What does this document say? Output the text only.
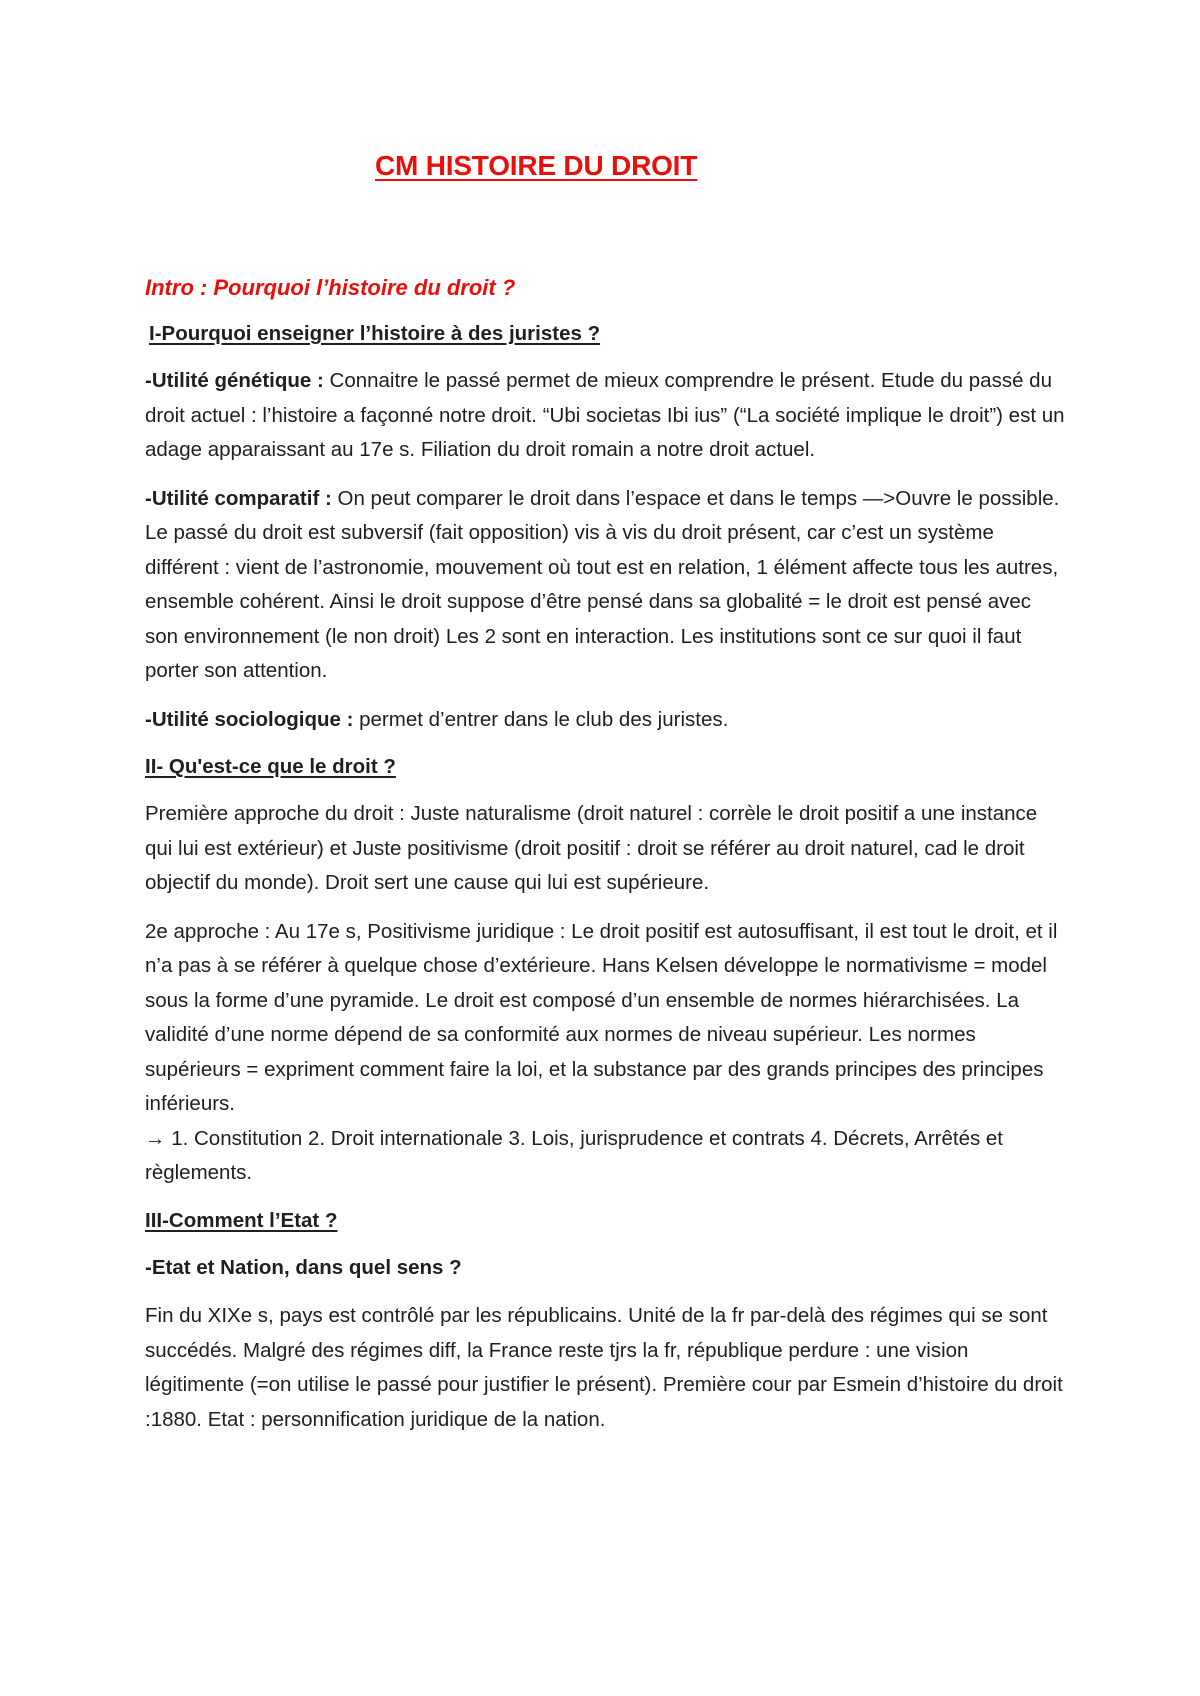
CM HISTOIRE DU DROIT
Intro : Pourquoi l’histoire du droit ?
I-Pourquoi enseigner l’histoire à des juristes ?

-Utilité génétique : Connaitre le passé permet de mieux comprendre le présent. Etude du passé du droit actuel : l’histoire a façonné notre droit. “Ubi societas Ibi ius” (“La société implique le droit”) est un adage apparaissant au 17e s. Filiation du droit romain a notre droit actuel.

-Utilité comparatif : On peut comparer le droit dans l’espace et dans le temps —>Ouvre le possible. Le passé du droit est subversif (fait opposition) vis à vis du droit présent, car c’est un système différent : vient de l’astronomie, mouvement où tout est en relation, 1 élément affecte tous les autres, ensemble cohérent. Ainsi le droit suppose d’être pensé dans sa globalité = le droit est pensé avec son environnement (le non droit) Les 2 sont en interaction. Les institutions sont ce sur quoi il faut porter son attention.

-Utilité sociologique : permet d’entrer dans le club des juristes.

II- Qu'est-ce que le droit ?

Première approche du droit : Juste naturalisme (droit naturel : corrèle le droit positif a une instance qui lui est extérieur) et Juste positivisme (droit positif : droit se référer au droit naturel, cad le droit objectif du monde). Droit sert une cause qui lui est supérieure.

2e approche : Au 17e s, Positivisme juridique : Le droit positif est autosuffisant, il est tout le droit, et il n’a pas à se référer à quelque chose d’extérieure. Hans Kelsen développe le normativisme = model sous la forme d’une pyramide. Le droit est composé d’un ensemble de normes hiérarchisées. La validité d’une norme dépend de sa conformité aux normes de niveau supérieur. Les normes supérieurs = expriment comment faire la loi, et la substance par des grands principes des principes inférieurs.
→ 1. Constitution 2. Droit internationale 3. Lois, jurisprudence et contrats 4. Décrets, Arrêtés et règlements.

III-Comment l’Etat ?

-Etat et Nation, dans quel sens ?

Fin du XIXe s, pays est contrôlé par les républicains. Unité de la fr par-delà des régimes qui se sont succédés. Malgré des régimes diff, la France reste tjrs la fr, république perdure : une vision légitimente (=on utilise le passé pour justifier le présent). Première cour par Esmein d’histoire du droit :1880. Etat : personnification juridique de la nation.
